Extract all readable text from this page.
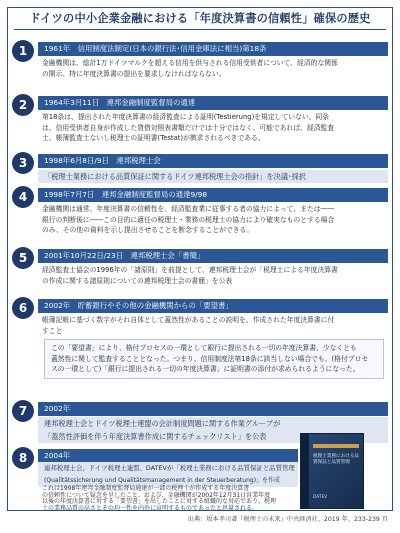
ドイツの中小企業金融における「年度決算書の信頼性」確保の歴史
1	1961年　信用制度法制定(日本の銀行法･信用金庫法に相当)第18条
金融機関は、総計1万ドイツマルクを超える信用を供与される信用受供者について、経済的な関係
の開示、特に年度決算書の提出を要求しなければならない。
2	1964年3月11日　連邦金融制度監督局の通達
第18条は、提出された年度決算書の経済監査による証明(Testierung)を規定していない。同条
は、信用受供者自身が作成した貸借対照表書類だけでは十分ではなく、可能であれば、経済監査
士、帳簿監査士ないし税理士の証明書(Testat)が徴求されるべきである。
3	1998年6月8日/9日　連邦税理士会
「税理士業務における品質保証に関するドイツ連邦税理士会の指針」を決議･採択
4	1998年7月7日　連邦金融制度監督局の通達9/98
金融機関は通常、年度決算書の信頼性を、経済監査業に従事する者の協力によって、または――
銀行の判断後に――この目的に適任の税理士・業務の税理士の協力により確実なものとする場合
のみ、その他の資料を示し提出させることを断念することができる。
5	2001年10月22日/23日　連邦税理士会「書簡」
経済監査士協会の1996年の「諸原則」を前提として、連邦税理士会が「税理士による年度決算書
の作成に関する諸原則についての連邦税理士会の書簡」を公表
6	2002年　貯蓄銀行やその他の金融機関からの「要望書」
帳簿記帳に基づく数字がそれ自体として蓋然性があることの説明を、作成された年度決算書に付
すこと
この「要望書」により、格付プロセスの一環として銀行に提出される一切の年度決算書、少なくとも
蓋然性に関して監査することとなった。つまり、信用制度法第18条に該当しない場合でも、(格付プロセ
スの一環として)「銀行に提出される一切の年度決算書」に証明書の添付が求められるようになった。
7	2002年
連邦税理士会とドイツ税理士連盟の会計制度問題に関する作業グループが
「蓋然性評価を伴う年度決算書作成に関するチェックリスト」を公表
8	2004年
連邦税理士会、ドイツ税理士連盟、DATEVが「税理士業務における品質保証と品質管理
(Qualitätssicherung und Qualitätsmanagement in der Steuerberatung)」を作成
これは1998年連邦金融制度監督局通達が一部の税理士が作成する年度決算書
の信頼性について疑念を呈したこと、および、金融機関が2002年12月31日営業年度
以後の年度決算書に対する「要望書」を出したことに対する組織的な対応であり、税理
士の業務品質の高さとその均一性を内外に宣明するものであったと思量される。
税理士業務における品質保証と品質管理
DATEV
出典：坂本孝司著『税理士の未来』中央経済社、2019 年、233-239 頁
